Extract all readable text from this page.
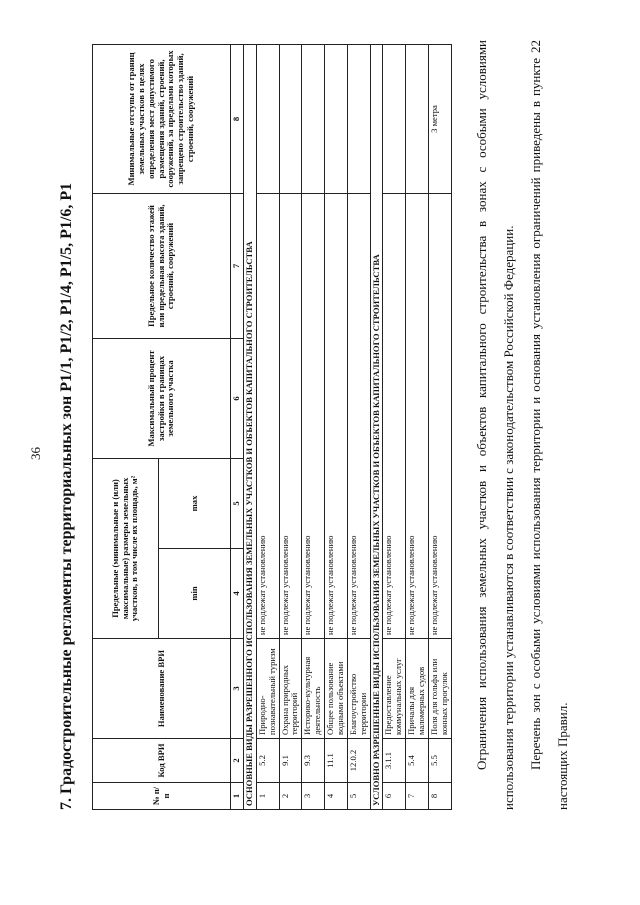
36 7. Градостроительные регламенты территориальных зон Р1/1, Р1/2, Р1/4, Р1/5, Р1/6, Р1	№ п/п	Код ВРИ	Наименование ВРИ	Предельные (минимальные и (или) максимальные) размеры земельных участков, в том числе их площадь, м²		Максимальный процент застройки в границах земельного участка	Предельное количество этажей или предельная высота зданий, строений, сооружений	Минимальные отступы от границ земельных участков в целях определения мест допустимого размещения зданий, строений, сооружений, за пределами которых запрещено строительство зданий, строений, сооружений
			min	max			
1	2	3	4	5	6	7	8
ОСНОВНЫЕ ВИДЫ РАЗРЕШЕННОГО ИСПОЛЬЗОВАНИЯ ЗЕМЕЛЬНЫХ УЧАСТКОВ И ОБЪЕКТОВ КАПИТАЛЬНОГО СТРОИТЕЛЬСТВА							
1	5.2	Природно-познавательный туризм	не подлежат установлению				
2	9.1	Охрана природных территорий	не подлежат установлению				
3	9.3	Историко-культурная деятельность	не подлежат установлению				
4	11.1	Общее пользование водными объектами	не подлежат установлению				
5	12.0.2	Благоустройство территории	не подлежат установлению				
УСЛОВНО РАЗРЕШЕННЫЕ ВИДЫ ИСПОЛЬЗОВАНИЯ ЗЕМЕЛЬНЫХ УЧАСТКОВ И ОБЪЕКТОВ КАПИТАЛЬНОГО СТРОИТЕЛЬСТВА							
6	3.1.1	Предоставление коммунальных услуг	не подлежат установлению				
7	5.4	Причалы для маломерных судов	не подлежат установлению				
8	5.5	Поля для гольфа или конных прогулок	не подлежат установлению				3 метра	Ограничения использования земельных участков и объектов капитального строительства в зонах с особыми условиями использования территории устанавливаются в соответствии с законодательством Российской Федерации. Перечень зон с особыми условиями использования территории и основания установления ограничений приведены в пункте 22 настоящих Правил.
